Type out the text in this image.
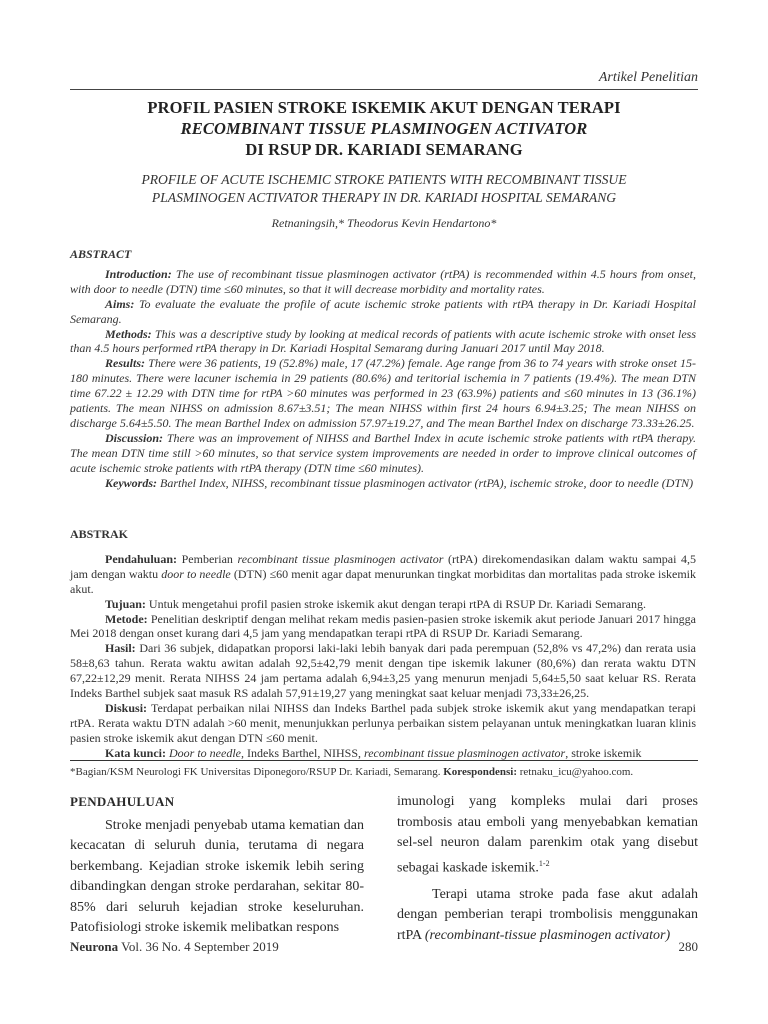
Artikel Penelitian
PROFIL PASIEN STROKE ISKEMIK AKUT DENGAN TERAPI
RECOMBINANT TISSUE PLASMINOGEN ACTIVATOR
DI RSUP DR. KARIADI SEMARANG
PROFILE OF ACUTE ISCHEMIC STROKE PATIENTS WITH RECOMBINANT TISSUE
PLASMINOGEN ACTIVATOR THERAPY IN DR. KARIADI HOSPITAL SEMARANG
Retnaningsih,* Theodorus Kevin Hendartono*
ABSTRACT

Introduction: The use of recombinant tissue plasminogen activator (rtPA) is recommended within 4.5 hours from onset, with door to needle (DTN) time ≤60 minutes, so that it will decrease morbidity and mortality rates.

Aims: To evaluate the evaluate the profile of acute ischemic stroke patients with rtPA therapy in Dr. Kariadi Hospital Semarang.

Methods: This was a descriptive study by looking at medical records of patients with acute ischemic stroke with onset less than 4.5 hours performed rtPA therapy in Dr. Kariadi Hospital Semarang during Januari 2017 until May 2018.

Results: There were 36 patients, 19 (52.8%) male, 17 (47.2%) female. Age range from 36 to 74 years with stroke onset 15-180 minutes. There were lacuner ischemia in 29 patients (80.6%) and teritorial ischemia in 7 patients (19.4%). The mean DTN time 67.22 ± 12.29 with DTN time for rtPA >60 minutes was performed in 23 (63.9%) patients and ≤60 minutes in 13 (36.1%) patients. The mean NIHSS on admission 8.67±3.51; The mean NIHSS within first 24 hours 6.94±3.25; The mean NIHSS on discharge 5.64±5.50. The mean Barthel Index on admission 57.97±19.27, and The mean Barthel Index on discharge 73.33±26.25.

Discussion: There was an improvement of NIHSS and Barthel Index in acute ischemic stroke patients with rtPA therapy. The mean DTN time still >60 minutes, so that service system improvements are needed in order to improve clinical outcomes of acute ischemic stroke patients with rtPA therapy (DTN time ≤60 minutes).

Keywords: Barthel Index, NIHSS, recombinant tissue plasminogen activator (rtPA), ischemic stroke, door to needle (DTN)

ABSTRAK

Pendahuluan: Pemberian recombinant tissue plasminogen activator (rtPA) direkomendasikan dalam waktu sampai 4,5 jam dengan waktu door to needle (DTN) ≤60 menit agar dapat menurunkan tingkat morbiditas dan mortalitas pada stroke iskemik akut.

Tujuan: Untuk mengetahui profil pasien stroke iskemik akut dengan terapi rtPA di RSUP Dr. Kariadi Semarang.

Metode: Penelitian deskriptif dengan melihat rekam medis pasien-pasien stroke iskemik akut periode Januari 2017 hingga Mei 2018 dengan onset kurang dari 4,5 jam yang mendapatkan terapi rtPA di RSUP Dr. Kariadi Semarang.

Hasil: Dari 36 subjek, didapatkan proporsi laki-laki lebih banyak dari pada perempuan (52,8% vs 47,2%) dan rerata usia 58±8,63 tahun. Rerata waktu awitan adalah 92,5±42,79 menit dengan tipe iskemik lakuner (80,6%) dan rerata waktu DTN 67,22±12,29 menit. Rerata NIHSS 24 jam pertama adalah 6,94±3,25 yang menurun menjadi 5,64±5,50 saat keluar RS. Rerata Indeks Barthel subjek saat masuk RS adalah 57,91±19,27 yang meningkat saat keluar menjadi 73,33±26,25.

Diskusi: Terdapat perbaikan nilai NIHSS dan Indeks Barthel pada subjek stroke iskemik akut yang mendapatkan terapi rtPA. Rerata waktu DTN adalah >60 menit, menunjukkan perlunya perbaikan sistem pelayanan untuk meningkatkan luaran klinis pasien stroke iskemik akut dengan DTN ≤60 menit.

Kata kunci: Door to needle, Indeks Barthel, NIHSS, recombinant tissue plasminogen activator, stroke iskemik

*Bagian/KSM Neurologi FK Universitas Diponegoro/RSUP Dr. Kariadi, Semarang. Korespondensi: retnaku_icu@yahoo.com.
PENDAHULUAN

Stroke menjadi penyebab utama kematian dan kecacatan di seluruh dunia, terutama di negara berkembang. Kejadian stroke iskemik lebih sering dibandingkan dengan stroke perdarahan, sekitar 80-85% dari seluruh kejadian stroke keseluruhan. Patofisiologi stroke iskemik melibatkan respons

imunologi yang kompleks mulai dari proses trombosis atau emboli yang menyebabkan kematian sel-sel neuron dalam parenkim otak yang disebut sebagai kaskade iskemik.$^{1-2}$

Terapi utama stroke pada fase akut adalah dengan pemberian terapi trombolisis menggunakan rtPA (recombinant-tissue plasminogen activator)

Neurona Vol. 36 No. 4 September 2019	280
